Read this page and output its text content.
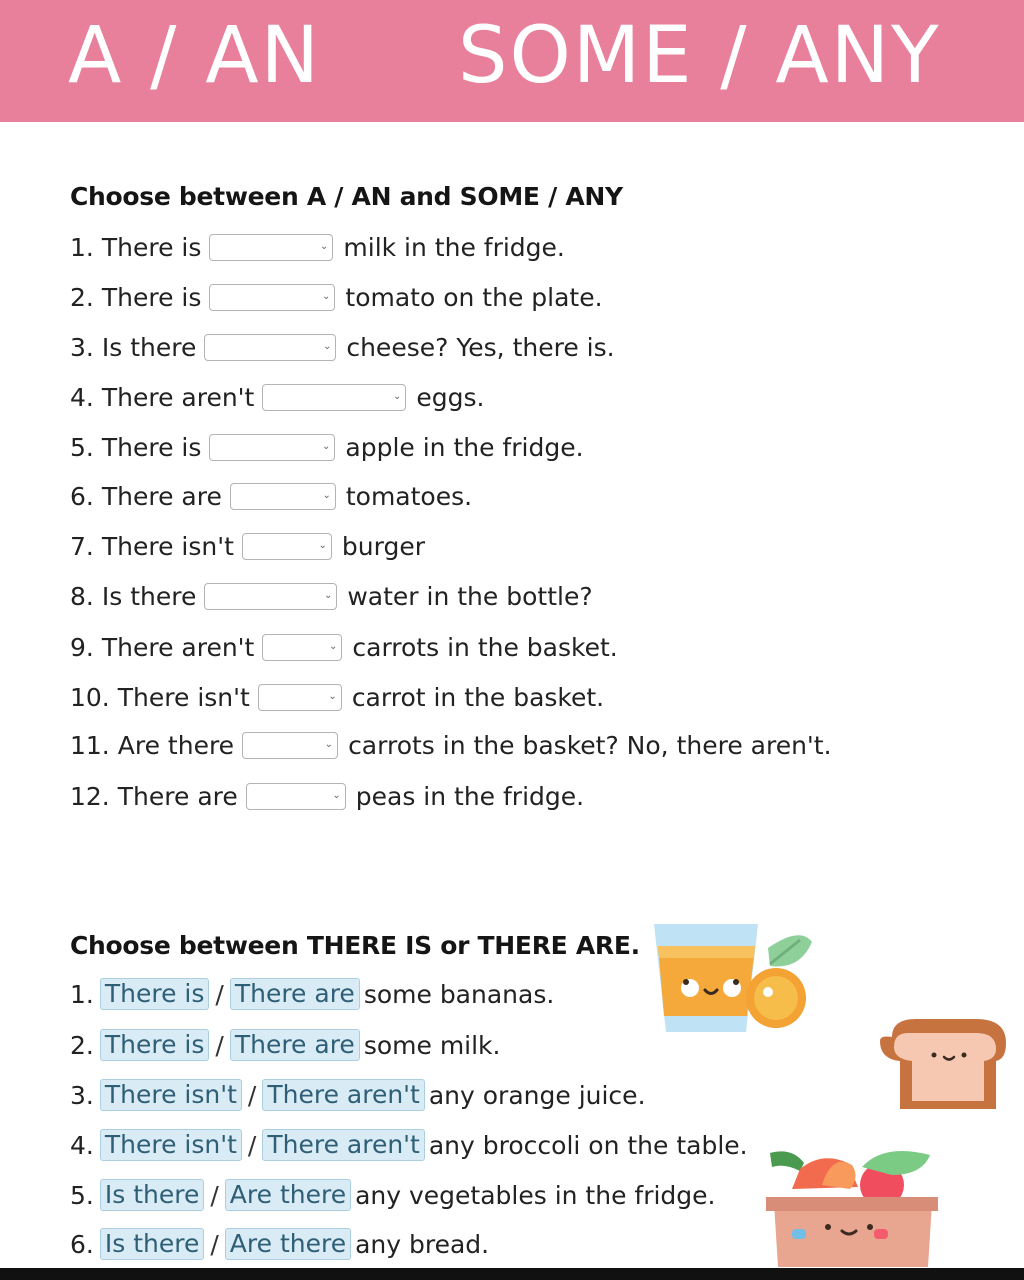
A / AN SOME / ANY
Choose between A / AN and SOME / ANY
1. There is	⌄ milk in the fridge.
2. There is	⌄ tomato on the plate.
3. Is there	⌄ cheese? Yes, there is.
4. There aren't	⌄ eggs.
5. There is	⌄ apple in the fridge.
6. There are	⌄ tomatoes.
7. There isn't	⌄ burger
8. Is there	⌄ water in the bottle?
9. There aren't	⌄ carrots in the basket.
10. There isn't	⌄ carrot in the basket.
11. Are there	⌄ carrots in the basket? No, there aren't.
12. There are	⌄ peas in the fridge.
Choose between THERE IS or THERE ARE.
1. There is / There are some bananas.
2. There is / There are some milk.
3. There isn't / There aren't any orange juice.
4. There isn't / There aren't any broccoli on the table.
5. Is there / Are there any vegetables in the fridge.
6. Is there / Are there any bread.
